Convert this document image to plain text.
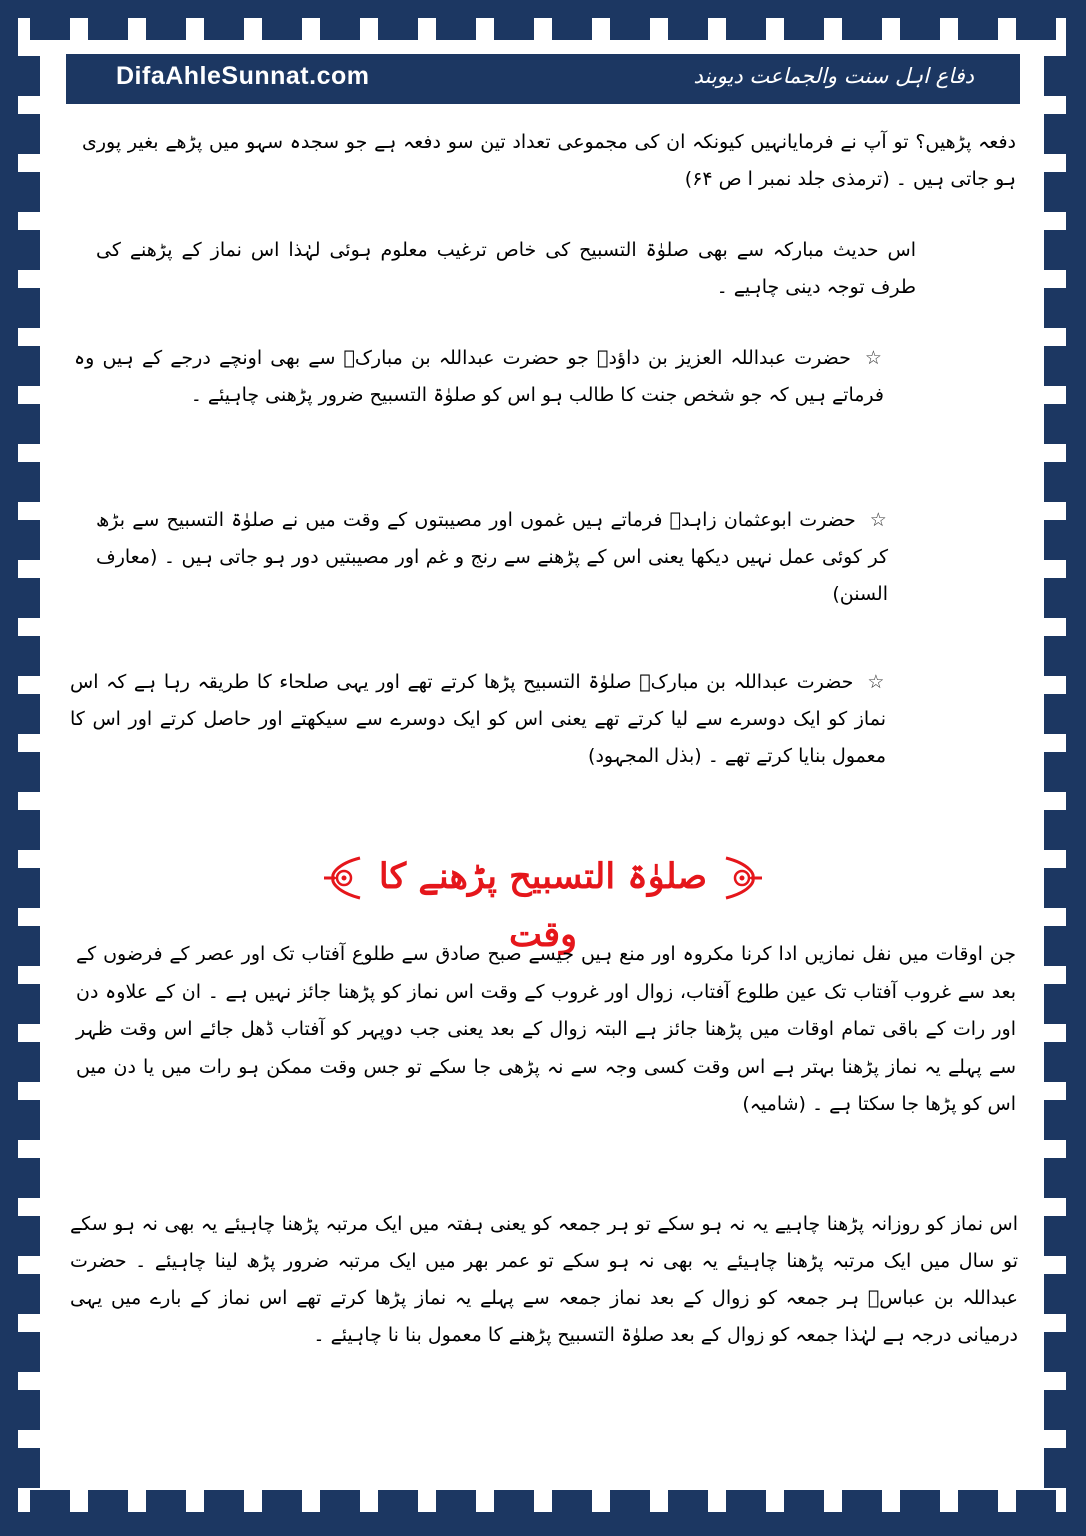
DifaAhleSunnat.com	دفاع اہل سنت والجماعت دیوبند
دفعہ پڑھیں؟ تو آپ نے فرمایانہیں کیونکہ ان کی مجموعی تعداد تین سو دفعہ ہے جو سجدہ سہو میں پڑھے بغیر پوری ہو جاتی ہیں ۔ (ترمذی جلد نمبر ا ص ۶۴)
اس حدیث مبارکہ سے بھی صلوٰۃ التسبیح کی خاص ترغیب معلوم ہوئی لہٰذا اس نماز کے پڑھنے کی طرف توجہ دینی چاہیے ۔
☆حضرت عبداللہ العزیز بن داؤدؒ جو حضرت عبداللہ بن مبارکؒ سے بھی اونچے درجے کے ہیں وہ فرماتے ہیں کہ جو شخص جنت کا طالب ہو اس کو صلوٰۃ التسبیح ضرور پڑھنی چاہیئے ۔
☆حضرت ابوعثمان زاہدؒ فرماتے ہیں غموں اور مصیبتوں کے وقت میں نے صلوٰۃ التسبیح سے بڑھ کر کوئی عمل نہیں دیکھا یعنی اس کے پڑھنے سے رنج و غم اور مصیبتیں دور ہو جاتی ہیں ۔ (معارف السنن)
☆حضرت عبداللہ بن مبارکؒ صلوٰۃ التسبیح پڑھا کرتے تھے اور یہی صلحاء کا طریقہ رہا ہے کہ اس نماز کو ایک دوسرے سے لیا کرتے تھے یعنی اس کو ایک دوسرے سے سیکھتے اور حاصل کرتے اور اس کا معمول بنایا کرتے تھے ۔ (بذل المجہود)
صلوٰۃ التسبیح پڑھنے کا وقت
جن اوقات میں نفل نمازیں ادا کرنا مکروہ اور منع ہیں جیسے صبح صادق سے طلوع آفتاب تک اور عصر کے فرضوں کے بعد سے غروب آفتاب تک عین طلوع آفتاب، زوال اور غروب کے وقت اس نماز کو پڑھنا جائز نہیں ہے ۔ ان کے علاوہ دن اور رات کے باقی تمام اوقات میں پڑھنا جائز ہے البتہ زوال کے بعد یعنی جب دوپہر کو آفتاب ڈھل جائے اس وقت ظہر سے پہلے یہ نماز پڑھنا بہتر ہے اس وقت کسی وجہ سے نہ پڑھی جا سکے تو جس وقت ممکن ہو رات میں یا دن میں اس کو پڑھا جا سکتا ہے ۔ (شامیہ)
اس نماز کو روزانہ پڑھنا چاہیے یہ نہ ہو سکے تو ہر جمعہ کو یعنی ہفتہ میں ایک مرتبہ پڑھنا چاہیئے یہ بھی نہ ہو سکے تو سال میں ایک مرتبہ پڑھنا چاہیئے یہ بھی نہ ہو سکے تو عمر بھر میں ایک مرتبہ ضرور پڑھ لینا چاہیئے ۔ حضرت عبداللہ بن عباسؓ ہر جمعہ کو زوال کے بعد نماز جمعہ سے پہلے یہ نماز پڑھا کرتے تھے اس نماز کے بارے میں یہی درمیانی درجہ ہے لہٰذا جمعہ کو زوال کے بعد صلوٰۃ التسبیح پڑھنے کا معمول بنا نا چاہیئے ۔
